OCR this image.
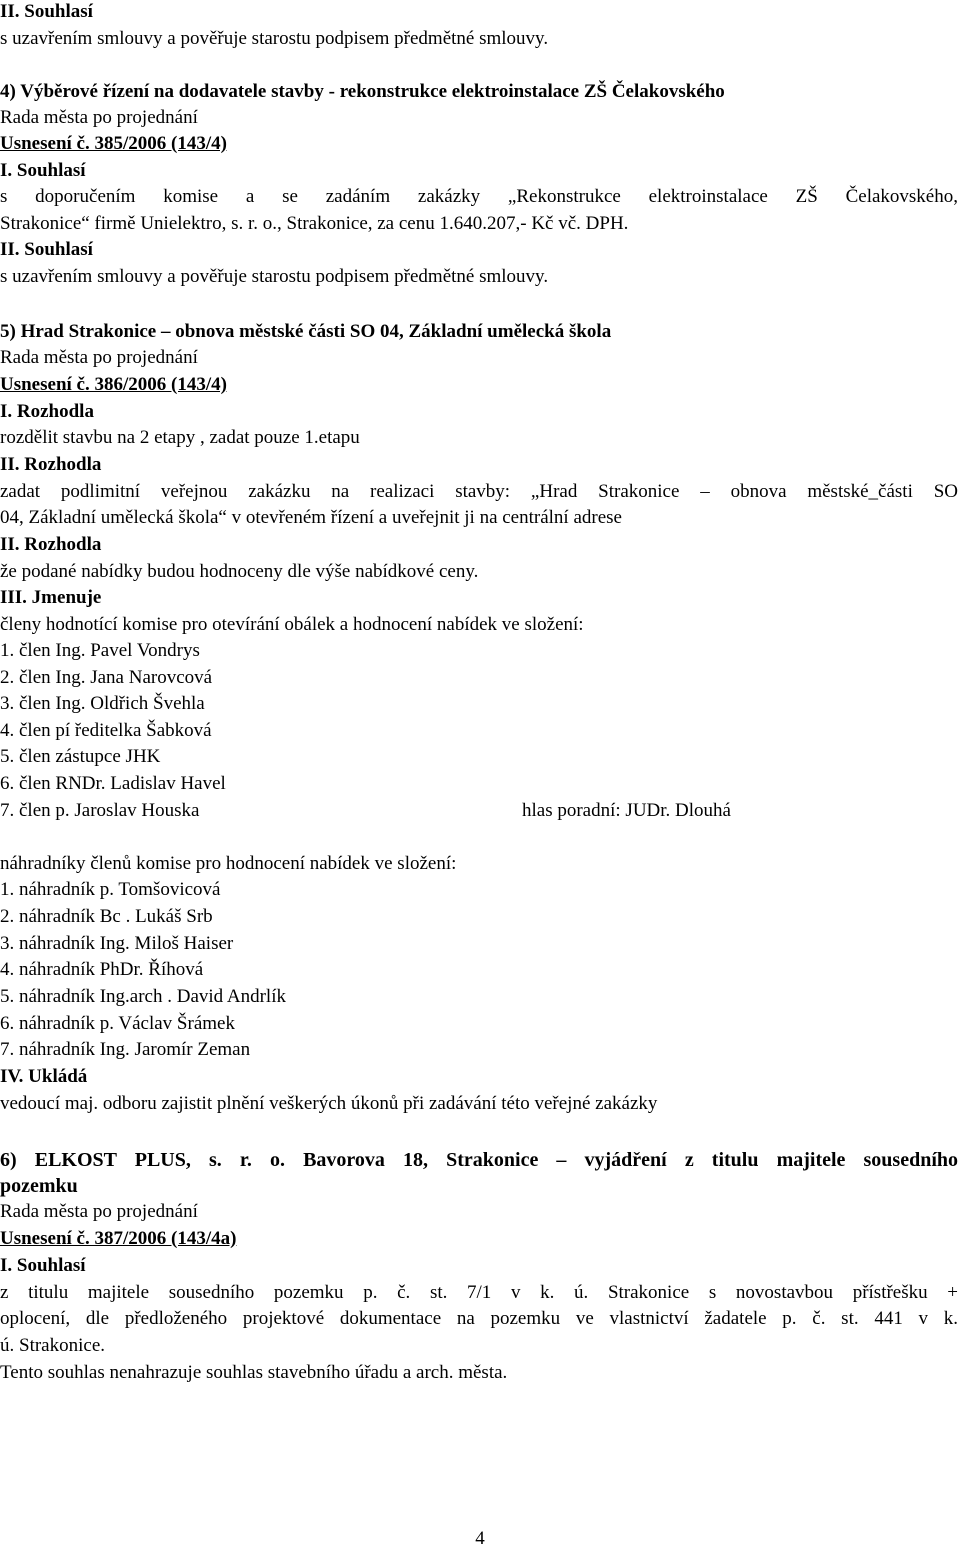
II. Souhlasí
s uzavřením smlouvy a pověřuje starostu podpisem předmětné smlouvy.
4) Výběrové řízení na dodavatele stavby - rekonstrukce elektroinstalace ZŠ Čelakovského
Rada města po projednání
Usnesení č. 385/2006 (143/4)
I. Souhlasí
s doporučením komise a se zadáním zakázky „Rekonstrukce elektroinstalace ZŠ Čelakovského,
Strakonice“ firmě Unielektro, s. r. o., Strakonice, za cenu 1.640.207,- Kč vč. DPH.
II. Souhlasí
s uzavřením smlouvy a pověřuje starostu podpisem předmětné smlouvy.
5) Hrad Strakonice – obnova městské části SO 04, Základní umělecká škola
Rada města po projednání
Usnesení č. 386/2006 (143/4)
I. Rozhodla
rozdělit stavbu na 2 etapy , zadat pouze 1.etapu
II. Rozhodla
zadat podlimitní veřejnou zakázku na realizaci stavby: „Hrad Strakonice – obnova městské_části SO
04, Základní umělecká škola“ v otevřeném řízení a uveřejnit ji na centrální adrese
II. Rozhodla
že podané nabídky budou hodnoceny dle výše nabídkové ceny.
III. Jmenuje
členy hodnotící komise pro otevírání obálek a hodnocení nabídek ve složení:
1. člen Ing. Pavel Vondrys
2. člen Ing. Jana Narovcová
3. člen Ing. Oldřich Švehla
4. člen pí ředitelka Šabková
5. člen zástupce JHK
6. člen RNDr. Ladislav Havel
7. člen p. Jaroslav Houska	hlas poradní: JUDr. Dlouhá
náhradníky členů komise pro hodnocení nabídek ve složení:
1. náhradník p. Tomšovicová
2. náhradník Bc . Lukáš Srb
3. náhradník Ing. Miloš Haiser
4. náhradník PhDr. Říhová
5. náhradník Ing.arch . David Andrlík
6. náhradník p. Václav Šrámek
7. náhradník Ing. Jaromír Zeman
IV. Ukládá
vedoucí maj. odboru zajistit plnění veškerých úkonů při zadávání této veřejné zakázky
6) ELKOST PLUS, s. r. o. Bavorova 18, Strakonice – vyjádření z titulu majitele sousedního
pozemku
Rada města po projednání
Usnesení č. 387/2006 (143/4a)
I. Souhlasí
z titulu majitele sousedního pozemku p. č. st. 7/1 v k. ú. Strakonice s novostavbou přístřešku +
oplocení, dle předloženého projektové dokumentace na pozemku ve vlastnictví žadatele p. č. st. 441 v k.
ú. Strakonice.
Tento souhlas nenahrazuje souhlas stavebního úřadu a arch. města.
4
